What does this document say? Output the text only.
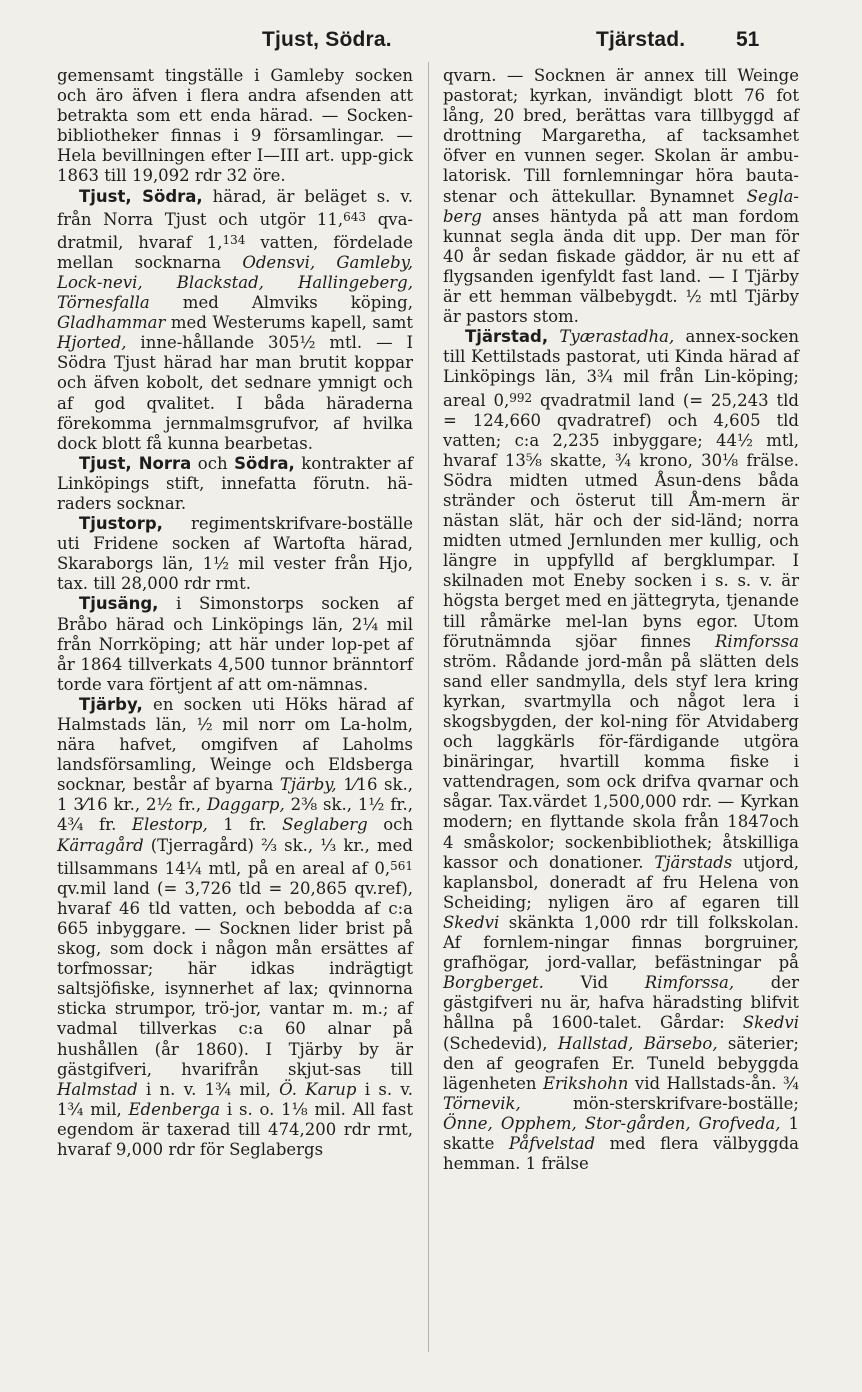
Tjust, Södra.	Tjärstad. 51

gemensamt tingställe i Gamleby socken och äro äfven i flera andra afsenden att betrakta som ett enda härad. — Socken-bibliotheker finnas i 9 församlingar. — Hela bevillningen efter I—III art. upp-gick 1863 till 19,092 rdr 32 öre.

Tjust, Södra, härad, är beläget s. v. från Norra Tjust och utgör 11,$^{643}$ qva-dratmil, hvaraf 1,$^{134}$ vatten, fördelade mellan socknarna Odensvi, Gamleby, Lock-nevi, Blackstad, Hallingeberg, Törnesfalla med Almviks köping, Gladhammar med Westerums kapell, samt Hjorted, inne-hållande 305½ mtl. — I Södra Tjust härad har man brutit koppar och äfven kobolt, det sednare ymnigt och af god qvalitet. I båda häraderna förekomma jernmalmsgrufvor, af hvilka dock blott få kunna bearbetas.

Tjust, Norra och Södra, kontrakter af Linköpings stift, innefatta förutn. hä-raders socknar.

Tjustorp, regimentskrifvare-boställe uti Fridene socken af Wartofta härad, Skaraborgs län, 1½ mil vester från Hjo, tax. till 28,000 rdr rmt.

Tjusäng, i Simonstorps socken af Bråbo härad och Linköpings län, 2¼ mil från Norrköping; att här under lop-pet af år 1864 tillverkats 4,500 tunnor bränntorf torde vara förtjent af att om-nämnas.

Tjärby, en socken uti Höks härad af Halmstads län, ½ mil norr om La-holm, nära hafvet, omgifven af Laholms landsförsamling, Weinge och Eldsberga socknar, består af byarna Tjärby, 1⁄16 sk., 1 3⁄16 kr., 2½ fr., Daggarp, 2⅜ sk., 1½ fr., 4¾ fr. Elestorp, 1 fr. Seglaberg och Kärragård (Tjerragård) ⅔ sk., ⅓ kr., med tillsammans 14¼ mtl, på en areal af 0,$^{561}$ qv.mil land (= 3,726 tld = 20,865 qv.ref), hvaraf 46 tld vatten, och bebodda af c:a 665 inbyggare. — Socknen lider brist på skog, som dock i någon mån ersättes af torfmossar; här idkas indrägtigt saltsjöfiske, isynnerhet af lax; qvinnorna sticka strumpor, trö-jor, vantar m. m.; af vadmal tillverkas c:a 60 alnar på hushållen (år 1860). I Tjärby by är gästgifveri, hvarifrån skjut-sas till Halmstad i n. v. 1¾ mil, Ö. Karup i s. v. 1¾ mil, Edenberga i s. o. 1⅛ mil. All fast egendom är taxerad till 474,200 rdr rmt, hvaraf 9,000 rdr för Seglabergs

qvarn. — Socknen är annex till Weinge pastorat; kyrkan, invändigt blott 76 fot lång, 20 bred, berättas vara tillbyggd af drottning Margaretha, af tacksamhet öfver en vunnen seger. Skolan är ambu-latorisk. Till fornlemningar höra bauta-stenar och ättekullar. Bynamnet Segla-berg anses häntyda på att man fordom kunnat segla ända dit upp. Der man för 40 år sedan fiskade gäddor, är nu ett af flygsanden igenfyldt fast land. — I Tjärby är ett hemman välbebygdt. ½ mtl Tjärby är pastors stom.

Tjärstad, Tyærastadha, annex-socken till Kettilstads pastorat, uti Kinda härad af Linköpings län, 3¾ mil från Lin-köping; areal 0,$^{992}$ qvadratmil land (= 25,243 tld = 124,660 qvadratref) och 4,605 tld vatten; c:a 2,235 inbyggare; 44½ mtl, hvaraf 13⅝ skatte, ¾ krono, 30⅛ frälse. Södra midten utmed Åsun-dens båda stränder och österut till Åm-mern är nästan slät, här och der sid-länd; norra midten utmed Jernlunden mer kullig, och längre in uppfylld af bergklumpar. I skilnaden mot Eneby socken i s. s. v. är högsta berget med en jättegryta, tjenande till råmärke mel-lan byns egor. Utom förutnämnda sjöar finnes Rimforssa ström. Rådande jord-mån på slätten dels sand eller sandmylla, dels styf lera kring kyrkan, svartmylla och något lera i skogsbygden, der kol-ning för Atvidaberg och laggkärls för-färdigande utgöra binäringar, hvartill komma fiske i vattendragen, som ock drifva qvarnar och sågar. Tax.värdet 1,500,000 rdr. — Kyrkan modern; en flyttande skola från 1847och 4 småskolor; sockenbibliothek; åtskilliga kassor och donationer. Tjärstads utjord, kaplansbol, doneradt af fru Helena von Scheiding; nyligen äro af egaren till Skedvi skänkta 1,000 rdr till folkskolan. Af fornlem-ningar finnas borgruiner, grafhögar, jord-vallar, befästningar på Borgberget. Vid Rimforssa, der gästgifveri nu är, hafva häradsting blifvit hållna på 1600-talet. Gårdar: Skedvi (Schedevid), Hallstad, Bärsebo, säterier; den af geografen Er. Tuneld bebyggda lägenheten Erikshohn vid Hallstads-ån. ¾ Törnevik, mön-sterskrifvare-boställe; Önne, Opphem, Stor-gården, Grofveda, 1 skatte Påfvelstad med flera välbyggda hemman. 1 frälse
